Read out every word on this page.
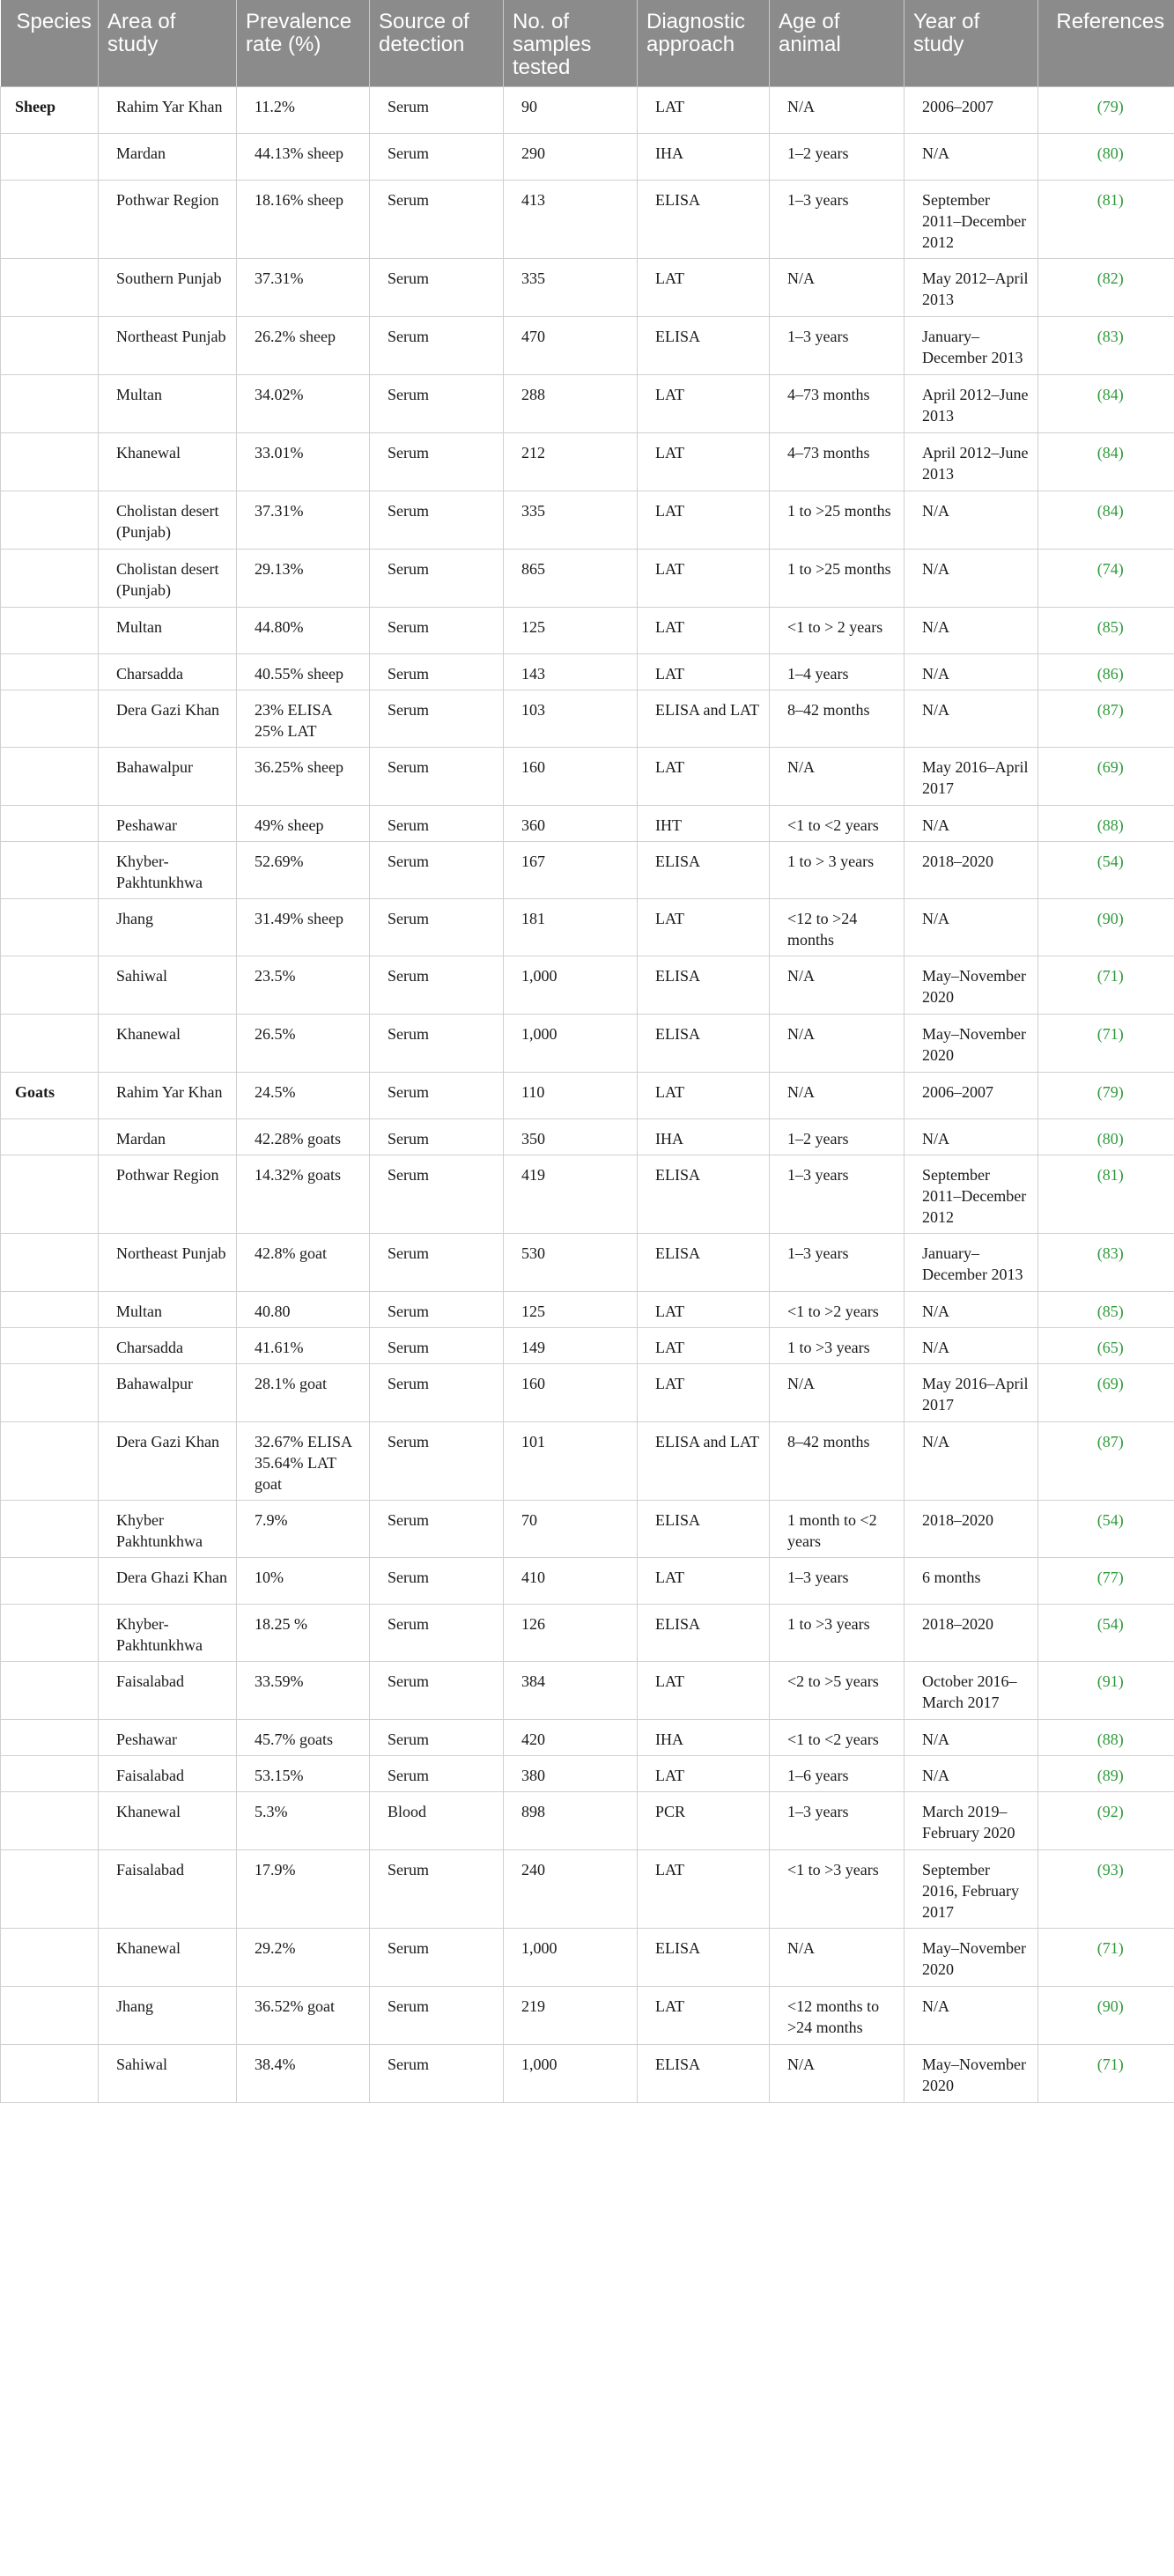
Species	Area of study	Prevalence rate (%)	Source of detection	No. of samples tested	Diagnostic approach	Age of animal	Year of study	References
Sheep	Rahim Yar Khan	11.2%	Serum	90	LAT	N/A	2006–2007	(79)
	Mardan	44.13% sheep	Serum	290	IHA	1–2 years	N/A	(80)
	Pothwar Region	18.16% sheep	Serum	413	ELISA	1–3 years	September 2011–December 2012	(81)
	Southern Punjab	37.31%	Serum	335	LAT	N/A	May 2012–April 2013	(82)
	Northeast Punjab	26.2% sheep	Serum	470	ELISA	1–3 years	January–December 2013	(83)
	Multan	34.02%	Serum	288	LAT	4–73 months	April 2012–June 2013	(84)
	Khanewal	33.01%	Serum	212	LAT	4–73 months	April 2012–June 2013	(84)
	Cholistan desert (Punjab)	37.31%	Serum	335	LAT	1 to >25 months	N/A	(84)
	Cholistan desert (Punjab)	29.13%	Serum	865	LAT	1 to >25 months	N/A	(74)
	Multan	44.80%	Serum	125	LAT	<1 to > 2 years	N/A	(85)
	Charsadda	40.55% sheep	Serum	143	LAT	1–4 years	N/A	(86)
	Dera Gazi Khan	23% ELISA 25% LAT	Serum	103	ELISA and LAT	8–42 months	N/A	(87)
	Bahawalpur	36.25% sheep	Serum	160	LAT	N/A	May 2016–April 2017	(69)
	Peshawar	49% sheep	Serum	360	IHT	<1 to <2 years	N/A	(88)
	Khyber-Pakhtunkhwa	52.69%	Serum	167	ELISA	1 to > 3 years	2018–2020	(54)
	Jhang	31.49% sheep	Serum	181	LAT	<12 to >24 months	N/A	(90)
	Sahiwal	23.5%	Serum	1,000	ELISA	N/A	May–November 2020	(71)
	Khanewal	26.5%	Serum	1,000	ELISA	N/A	May–November 2020	(71)
Goats	Rahim Yar Khan	24.5%	Serum	110	LAT	N/A	2006–2007	(79)
	Mardan	42.28% goats	Serum	350	IHA	1–2 years	N/A	(80)
	Pothwar Region	14.32% goats	Serum	419	ELISA	1–3 years	September 2011–December 2012	(81)
	Northeast Punjab	42.8% goat	Serum	530	ELISA	1–3 years	January–December 2013	(83)
	Multan	40.80	Serum	125	LAT	<1 to >2 years	N/A	(85)
	Charsadda	41.61%	Serum	149	LAT	1 to >3 years	N/A	(65)
	Bahawalpur	28.1% goat	Serum	160	LAT	N/A	May 2016–April 2017	(69)
	Dera Gazi Khan	32.67% ELISA 35.64% LAT goat	Serum	101	ELISA and LAT	8–42 months	N/A	(87)
	Khyber Pakhtunkhwa	7.9%	Serum	70	ELISA	1 month to <2 years	2018–2020	(54)
	Dera Ghazi Khan	10%	Serum	410	LAT	1–3 years	6 months	(77)
	Khyber-Pakhtunkhwa	18.25 %	Serum	126	ELISA	1 to >3 years	2018–2020	(54)
	Faisalabad	33.59%	Serum	384	LAT	<2 to >5 years	October 2016–March 2017	(91)
	Peshawar	45.7% goats	Serum	420	IHA	<1 to <2 years	N/A	(88)
	Faisalabad	53.15%	Serum	380	LAT	1–6 years	N/A	(89)
	Khanewal	5.3%	Blood	898	PCR	1–3 years	March 2019–February 2020	(92)
	Faisalabad	17.9%	Serum	240	LAT	<1 to >3 years	September 2016, February 2017	(93)
	Khanewal	29.2%	Serum	1,000	ELISA	N/A	May–November 2020	(71)
	Jhang	36.52% goat	Serum	219	LAT	<12 months to >24 months	N/A	(90)
	Sahiwal	38.4%	Serum	1,000	ELISA	N/A	May–November 2020	(71)
